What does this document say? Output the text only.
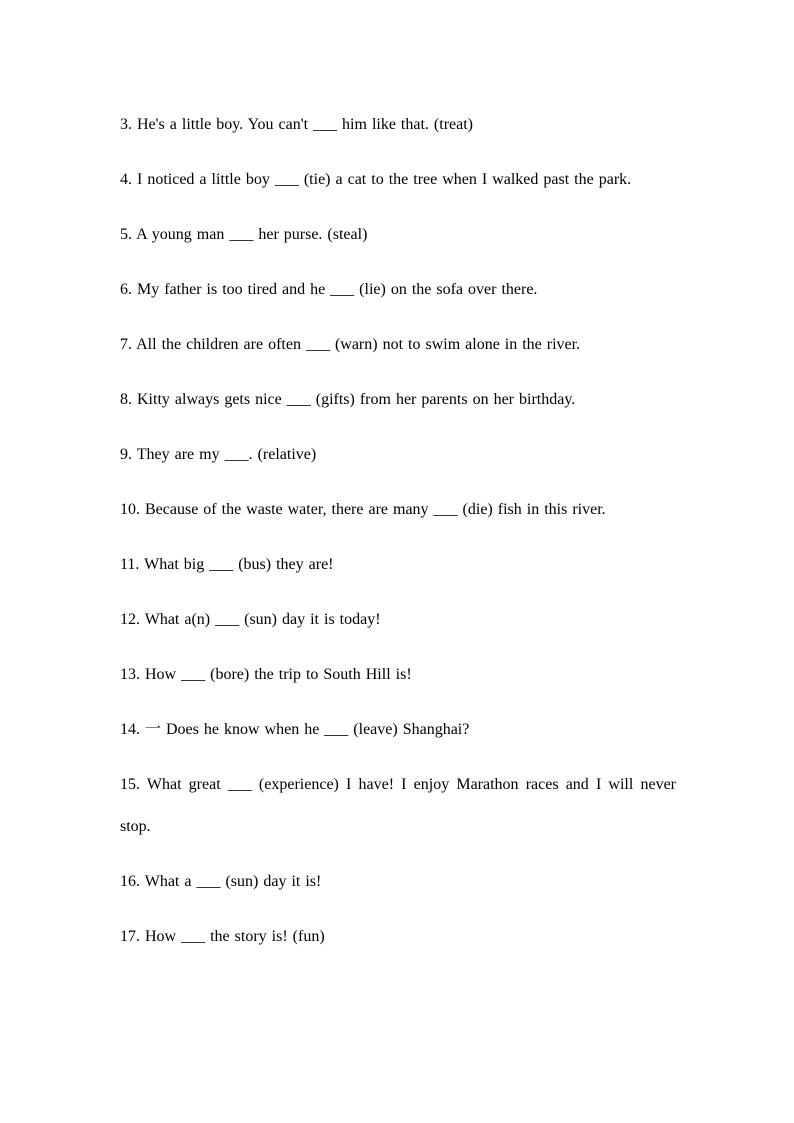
3. He's a little boy. You can't ___ him like that. (treat)

4. I noticed a little boy ___ (tie) a cat to the tree when I walked past the park.

5. A young man ___ her purse. (steal)

6. My father is too tired and he ___ (lie) on the sofa over there.

7. All the children are often ___ (warn) not to swim alone in the river.

8. Kitty always gets nice ___ (gifts) from her parents on her birthday.

9. They are my ___. (relative)

10. Because of the waste water, there are many ___ (die) fish in this river.

11. What big ___ (bus) they are!

12. What a(n) ___ (sun) day it is today!

13. How ___ (bore) the trip to South Hill is!

14. 一 Does he know when he ___ (leave) Shanghai?

15. What great ___ (experience) I have! I enjoy Marathon races and I will never stop.

16. What a ___ (sun) day it is!

17. How ___ the story is! (fun)
